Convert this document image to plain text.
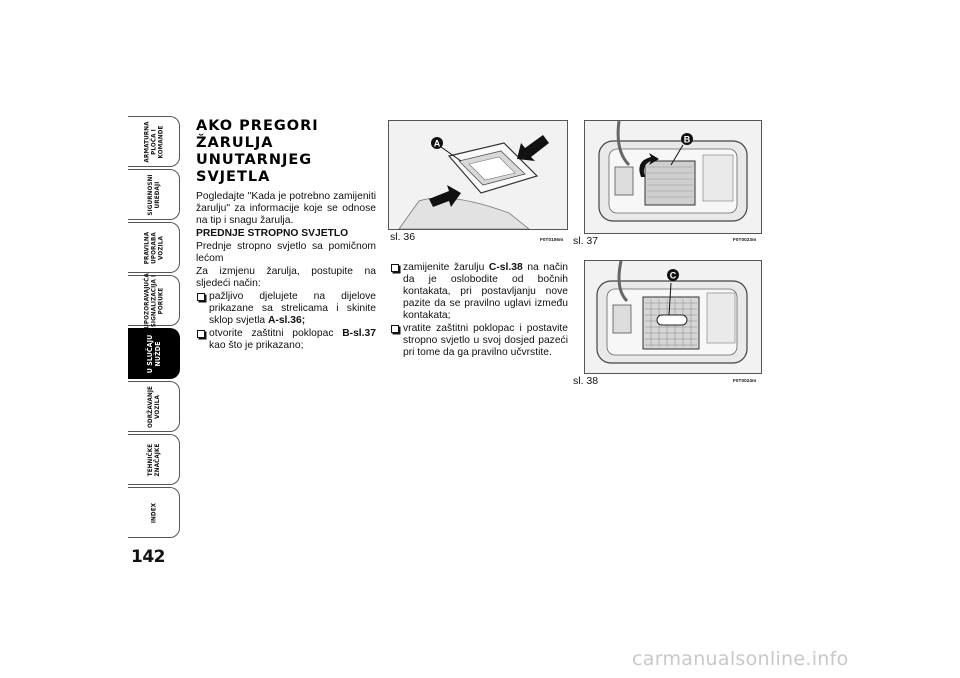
ARMATURNA
PLOČA I
KOMANDE
SIGURNOSNI
UREĐAJI
PRAVILNA
UPORABA
VOZILA
UPOZORAVAJUĆA
SIGNALIZACIJA I
PORUKE
U SLUČAJU
NUŽDE
ODRŽAVANJE
VOZILA
TEHNIČKE
ZNAČAJKE
INDEX
142
AKO PREGORI ŽARULJA UNUTARNJEG SVJETLA
Pogledajte "Kada je potrebno zamijeniti žarulju" za informacije koje se odnose na tip i snagu žarulja.
PREDNJE STROPNO SVJETLO
Prednje stropno svjetlo sa pomičnom lećom
Za izmjenu žarulja, postupite na sljedeći način:
pažljivo djelujete na dijelove prikazane sa strelicama i skinite sklop svjetla A-sl.36;
otvorite zaštitni poklopac B-sl.37 kao što je prikazano;
A
sl. 36	F0T0106m
B
sl. 37	F0T0023m
C
sl. 38	F0T0024m
zamijenite žarulju C-sl.38 na način da je oslobodite od bočnih kontakata, pri postavljanju nove pazite da se pravilno uglavi između kontakata;
vratite zaštitni poklopac i postavite stropno svjetlo u svoj dosjed pazeći pri tome da ga pravilno učvrstite.
carmanualsonline.info
